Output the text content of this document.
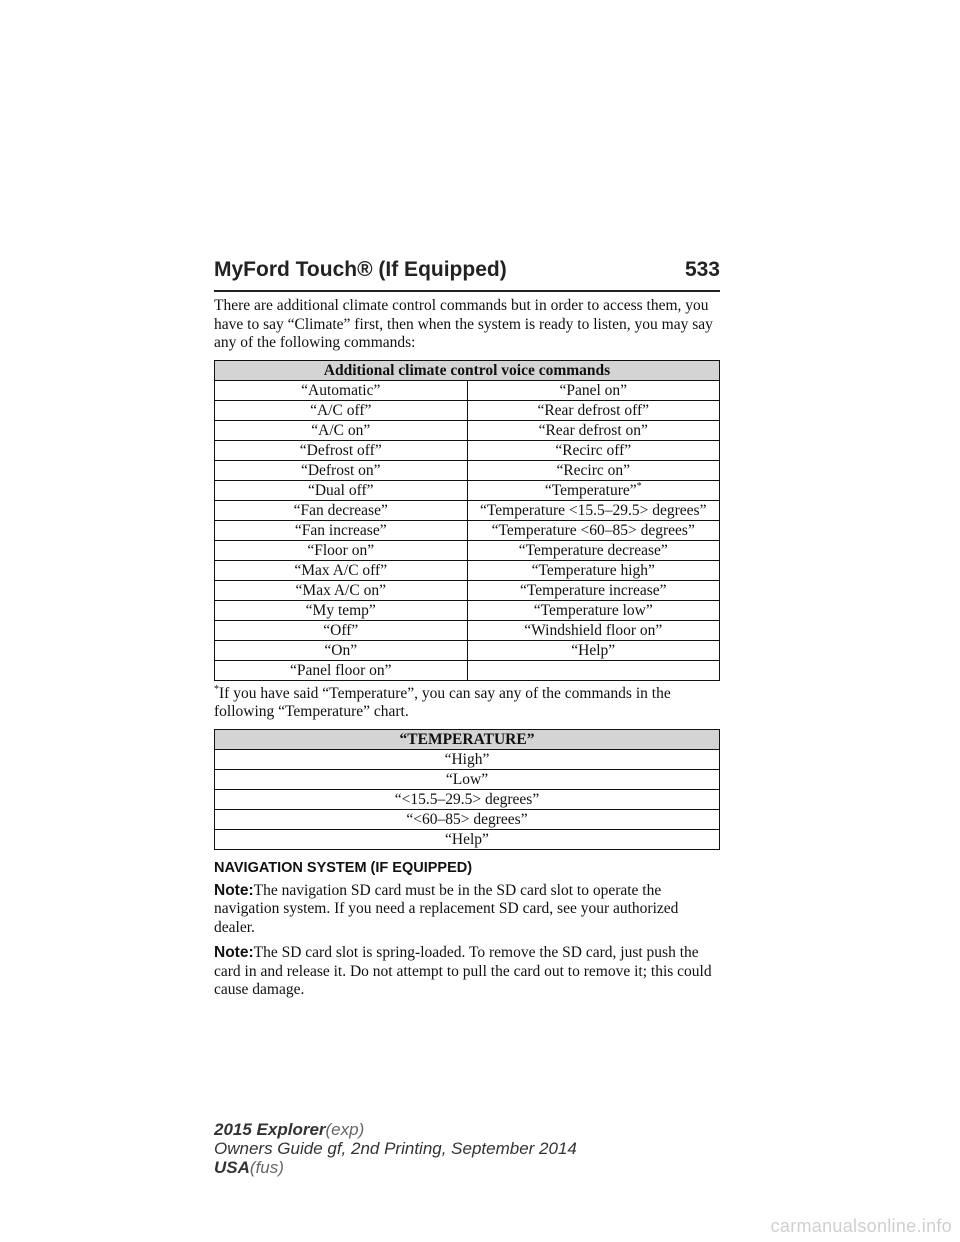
MyFord Touch® (If Equipped)	533

There are additional climate control commands but in order to access them, you have to say “Climate” first, then when the system is ready to listen, you may say any of the following commands:

Additional climate control voice commands	
“Automatic”	“Panel on”
“A/C off”	“Rear defrost off”
“A/C on”	“Rear defrost on”
“Defrost off”	“Recirc off”
“Defrost on”	“Recirc on”
“Dual off”	“Temperature”*
“Fan decrease”	“Temperature <15.5–29.5> degrees”
“Fan increase”	“Temperature <60–85> degrees”
“Floor on”	“Temperature decrease”
“Max A/C off”	“Temperature high”
“Max A/C on”	“Temperature increase”
“My temp”	“Temperature low”
“Off”	“Windshield floor on”
“On”	“Help”
“Panel floor on”	

*If you have said “Temperature”, you can say any of the commands in the following “Temperature” chart.

“TEMPERATURE”
“High”
“Low”
“<15.5–29.5> degrees”
“<60–85> degrees”
“Help”
NAVIGATION SYSTEM (IF EQUIPPED)

Note:The navigation SD card must be in the SD card slot to operate the navigation system. If you need a replacement SD card, see your authorized dealer.

Note:The SD card slot is spring-loaded. To remove the SD card, just push the card in and release it. Do not attempt to pull the card out to remove it; this could cause damage.

2015 Explorer(exp)
Owners Guide gf, 2nd Printing, September 2014
USA(fus)
carmanualsonline.info
